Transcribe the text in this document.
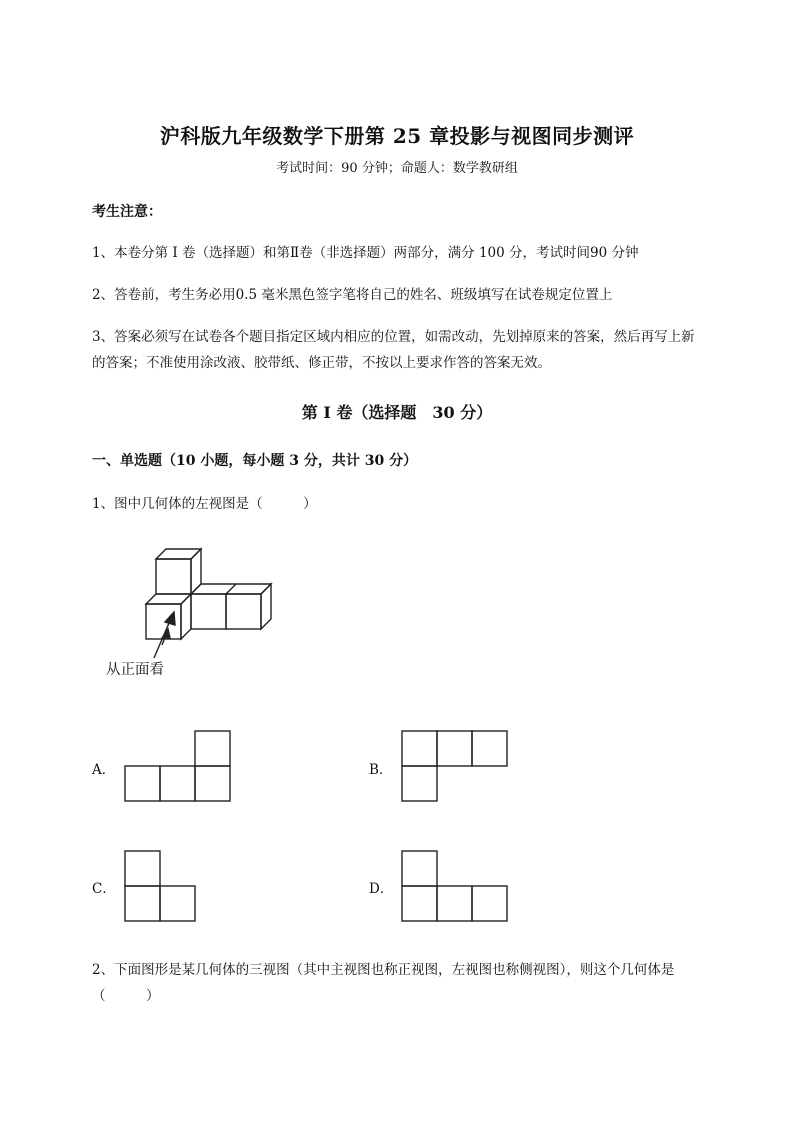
沪科版九年级数学下册第 25 章投影与视图同步测评
考试时间：90 分钟；命题人：数学教研组
考生注意：
1、本卷分第 I 卷（选择题）和第Ⅱ卷（非选择题）两部分，满分 100 分，考试时间90 分钟
2、答卷前，考生务必用0.5 毫米黑色签字笔将自己的姓名、班级填写在试卷规定位置上
3、答案必须写在试卷各个题目指定区域内相应的位置，如需改动，先划掉原来的答案，然后再写上新
的答案；不准使用涂改液、胶带纸、修正带，不按以上要求作答的答案无效。
第 I 卷（选择题　30 分）
一、单选题（10 小题，每小题 3 分，共计 30 分）
1、图中几何体的左视图是（　　　）
从正面看
A．	B．
C．	D．
2、下面图形是某几何体的三视图（其中主视图也称正视图，左视图也称侧视图），则这个几何体是
（　　　）
